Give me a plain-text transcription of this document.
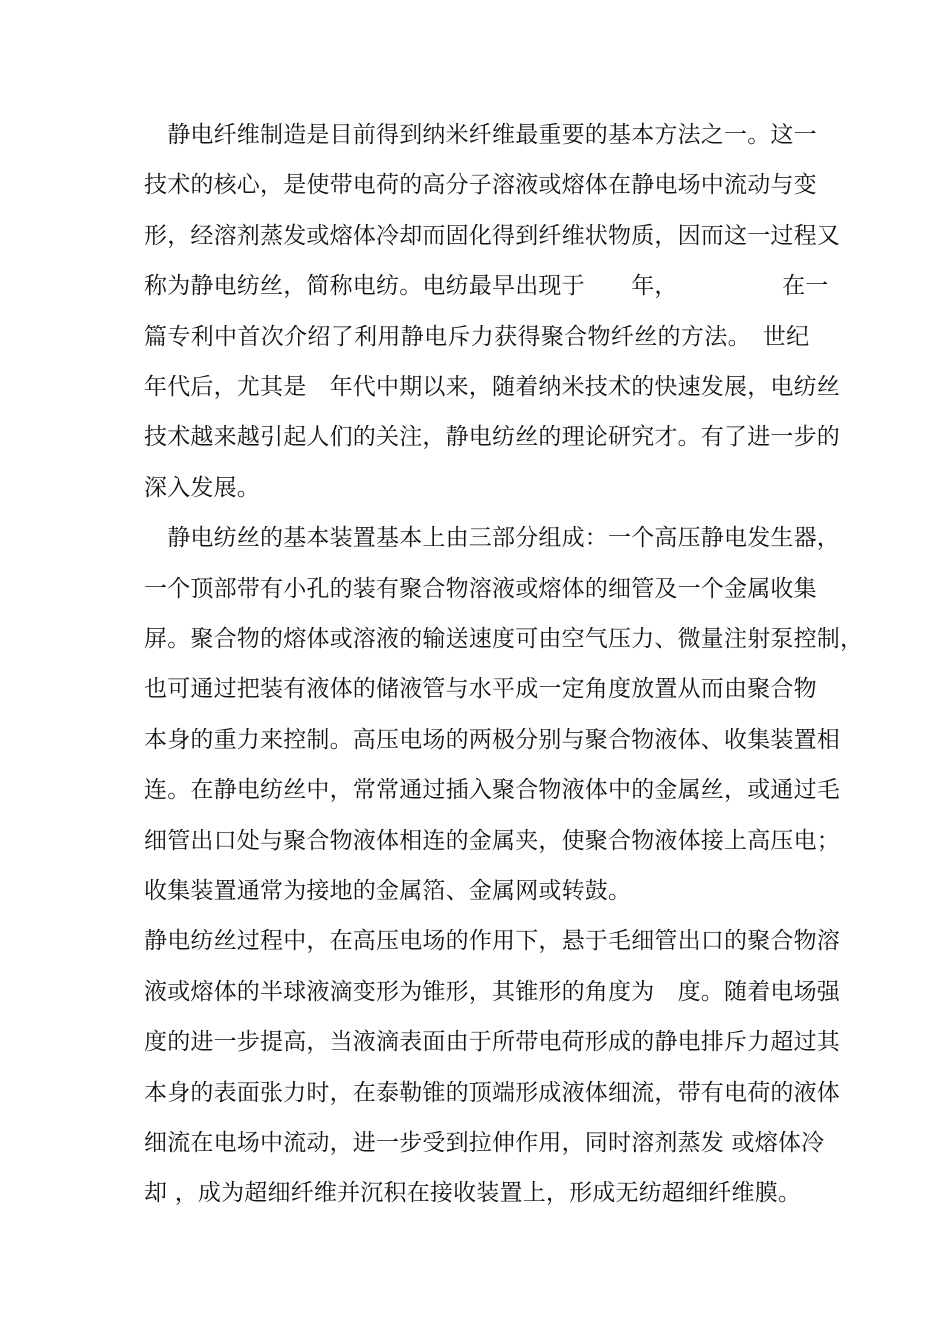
　静电纤维制造是目前得到纳米纤维最重要的基本方法之一。这一
技术的核心，是使带电荷的高分子溶液或熔体在静电场中流动与变
形，经溶剂蒸发或熔体冷却而固化得到纤维状物质，因而这一过程又
称为静电纺丝，简称电纺。电纺最早出现于　　年，　　　　　在一
篇专利中首次介绍了利用静电斥力获得聚合物纤丝的方法。　世纪
年代后，尤其是　年代中期以来，随着纳米技术的快速发展，电纺丝
技术越来越引起人们的关注，静电纺丝的理论研究才。有了进一步的
深入发展。
　静电纺丝的基本装置基本上由三部分组成：一个高压静电发生器，
一个顶部带有小孔的装有聚合物溶液或熔体的细管及一个金属收集
屏。聚合物的熔体或溶液的输送速度可由空气压力、微量注射泵控制，
也可通过把装有液体的储液管与水平成一定角度放置从而由聚合物
本身的重力来控制。高压电场的两极分别与聚合物液体、收集装置相
连。在静电纺丝中，常常通过插入聚合物液体中的金属丝，或通过毛
细管出口处与聚合物液体相连的金属夹，使聚合物液体接上高压电；
收集装置通常为接地的金属箔、金属网或转鼓。
静电纺丝过程中，在高压电场的作用下，悬于毛细管出口的聚合物溶
液或熔体的半球液滴变形为锥形，其锥形的角度为　度。随着电场强
度的进一步提高，当液滴表面由于所带电荷形成的静电排斥力超过其
本身的表面张力时，在泰勒锥的顶端形成液体细流，带有电荷的液体
细流在电场中流动，进一步受到拉伸作用，同时溶剂蒸发 或熔体冷
却 ，成为超细纤维并沉积在接收装置上，形成无纺超细纤维膜。
